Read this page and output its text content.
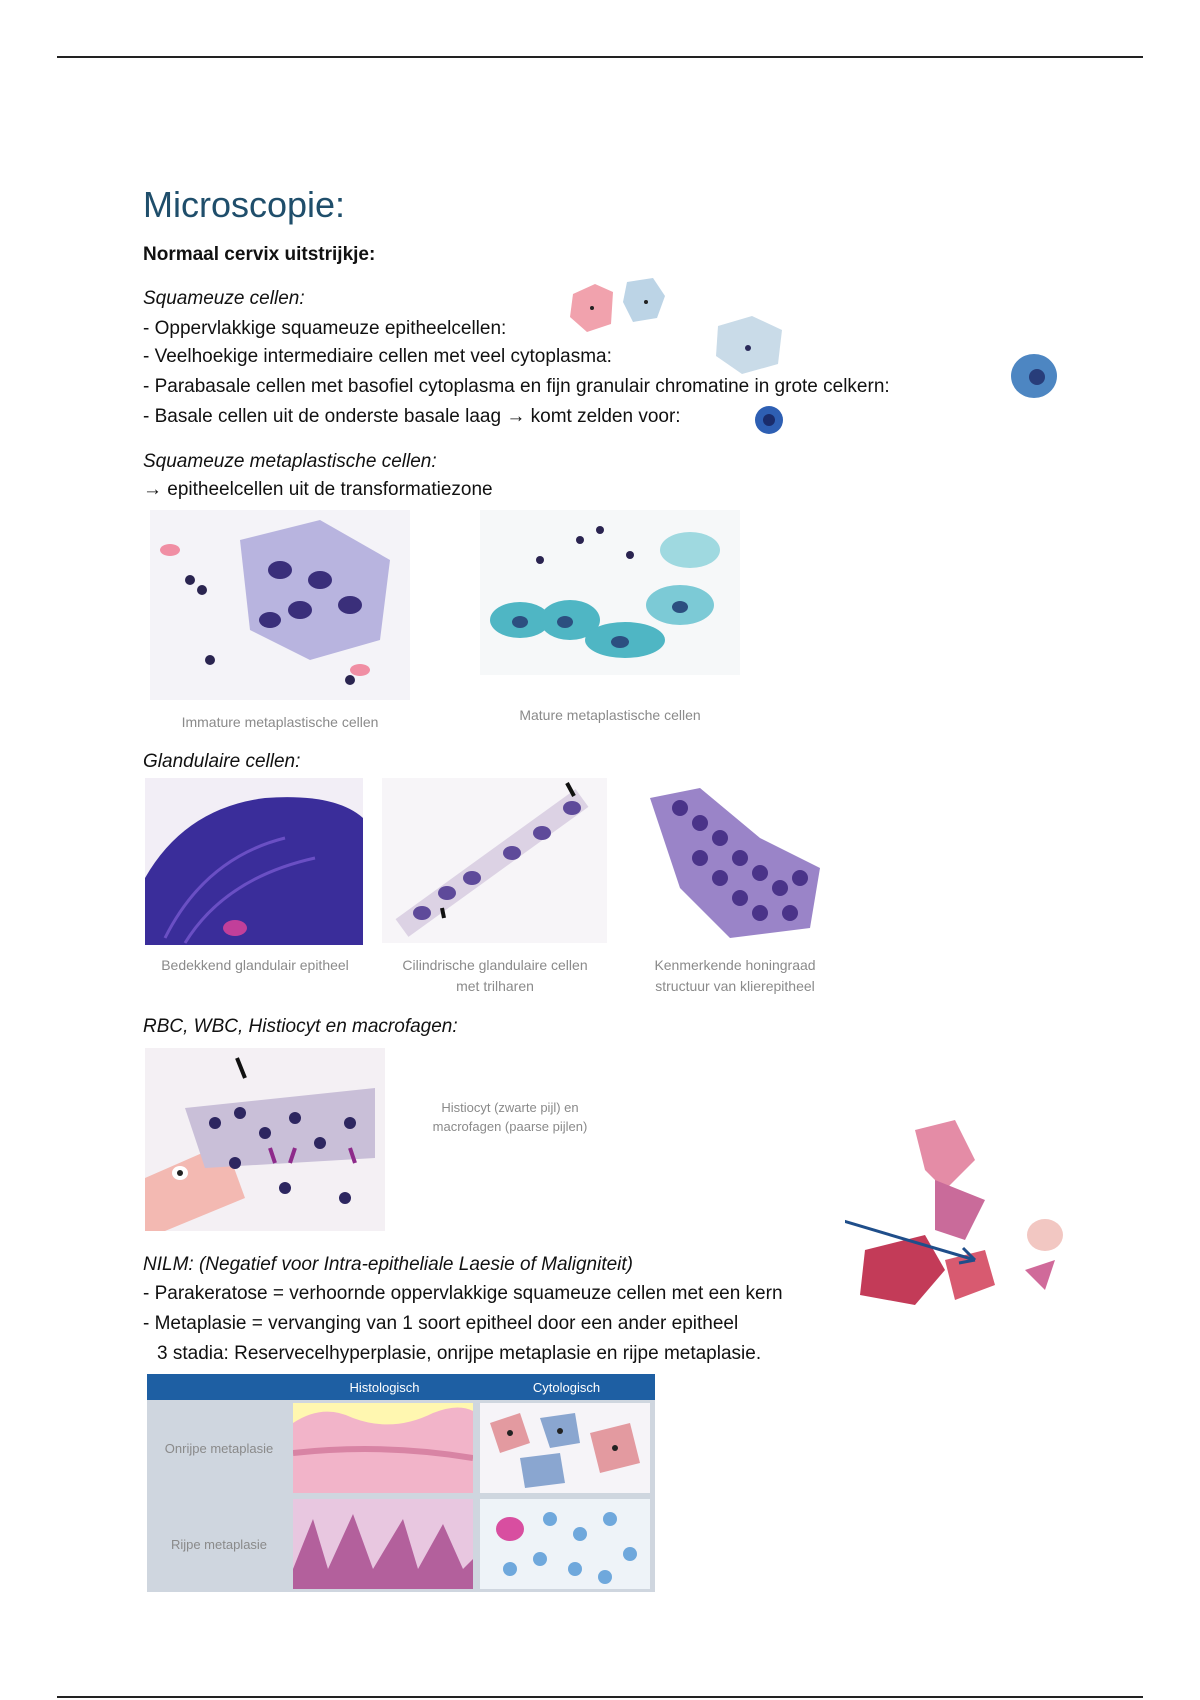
Microscopie:
Normaal cervix uitstrijkje:
Squameuze cellen:
- Oppervlakkige squameuze epitheelcellen:
- Veelhoekige intermediaire cellen met veel cytoplasma:
- Parabasale cellen met basofiel cytoplasma en fijn granulair chromatine in grote celkern:
- Basale cellen uit de onderste basale laag → komt zelden voor:
Squameuze metaplastische cellen:
→ epitheelcellen uit de transformatiezone
Immature metaplastische cellen	Mature metaplastische cellen
Glandulaire cellen:
Bedekkend glandulair epitheel	Cilindrische glandulaire cellen met trilharen
Kenmerkende honingraad structuur van klierepitheel
RBC, WBC, Histiocyt en macrofagen:
Histiocyt (zwarte pijl) en macrofagen (paarse pijlen)
NILM: (Negatief voor Intra-epitheliale Laesie of Maligniteit)
- Parakeratose = verhoornde oppervlakkige squameuze cellen met een kern
- Metaplasie = vervanging van 1 soort epitheel door een ander epitheel
3 stadia: Reservecelhyperplasie, onrijpe metaplasie en rijpe metaplasie.
	Histologisch	Cytologisch
Onrijpe metaplasie	

Rijpe metaplasie	
